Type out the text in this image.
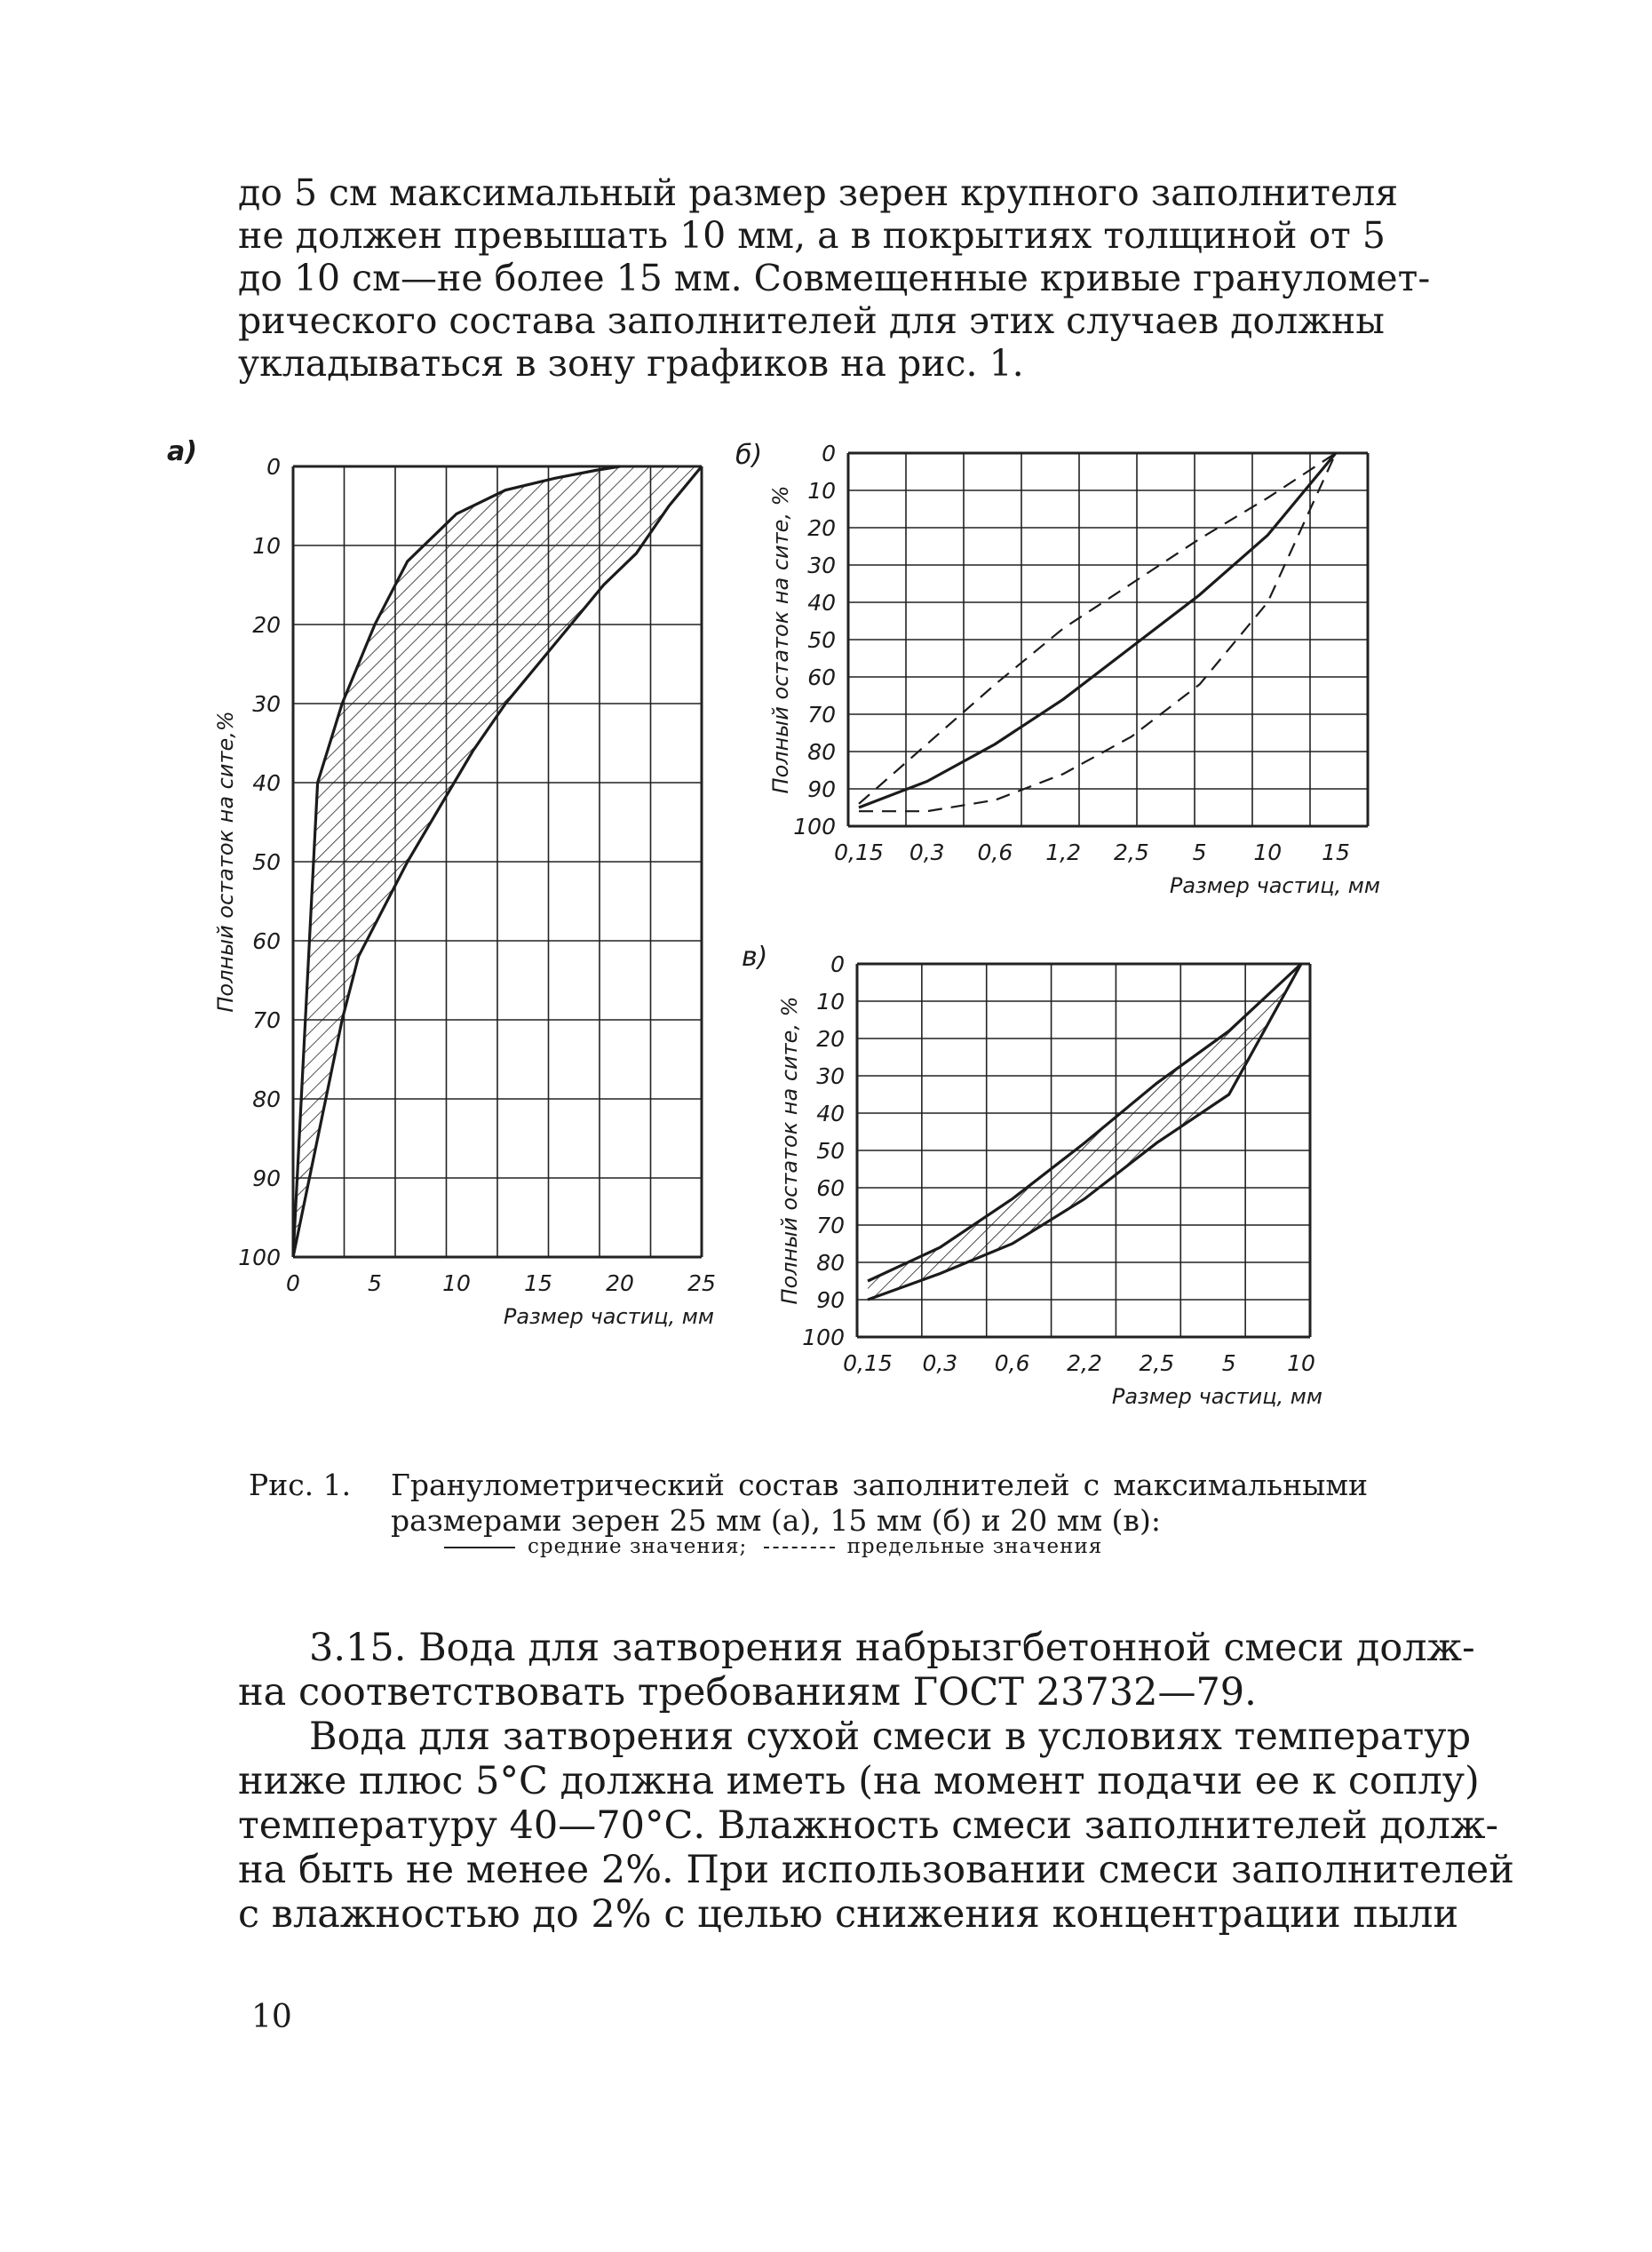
до 5 см максимальный размер зерен крупного заполнителя
не должен превышать 10 мм, а в покрытиях толщиной от 5
до 10 см—не более 15 мм. Совмещенные кривые грануломет-
рического состава заполнителей для этих случаев должны
укладываться в зону графиков на рис. 1.
0
10
20
30
40
50
60
70
80
90
100
0	5	10 15 20 25
Размер частиц, мм
Полный остаток на сите,%
а)	0
10
20
30
40
50
60
70
80
90
100
0,15 0,3 0,6 1,2 2,5 5 10 15
Размер частиц, мм
Полный остаток на сите, %
б)
0
10
20
30
40
50
60
70
80
90
100
0,15 0,3 0,6 2,2 2,5 5 10
Размер частиц, мм
Полный остаток на сите, %
в)
Рис. 1.	Гранулометрический состав заполнителей с максимальными
размерами зерен 25 мм (а), 15 мм (б) и 20 мм (в):
средние значения;	предельные значения
3.15. Вода для затворения набрызгбетонной смеси долж-
на соответствовать требованиям ГОСТ 23732—79.
Вода для затворения сухой смеси в условиях температур
ниже плюс 5°С должна иметь (на момент подачи ее к соплу)
температуру 40—70°С. Влажность смеси заполнителей долж-
на быть не менее 2%. При использовании смеси заполнителей
с влажностью до 2% с целью снижения концентрации пыли
10
